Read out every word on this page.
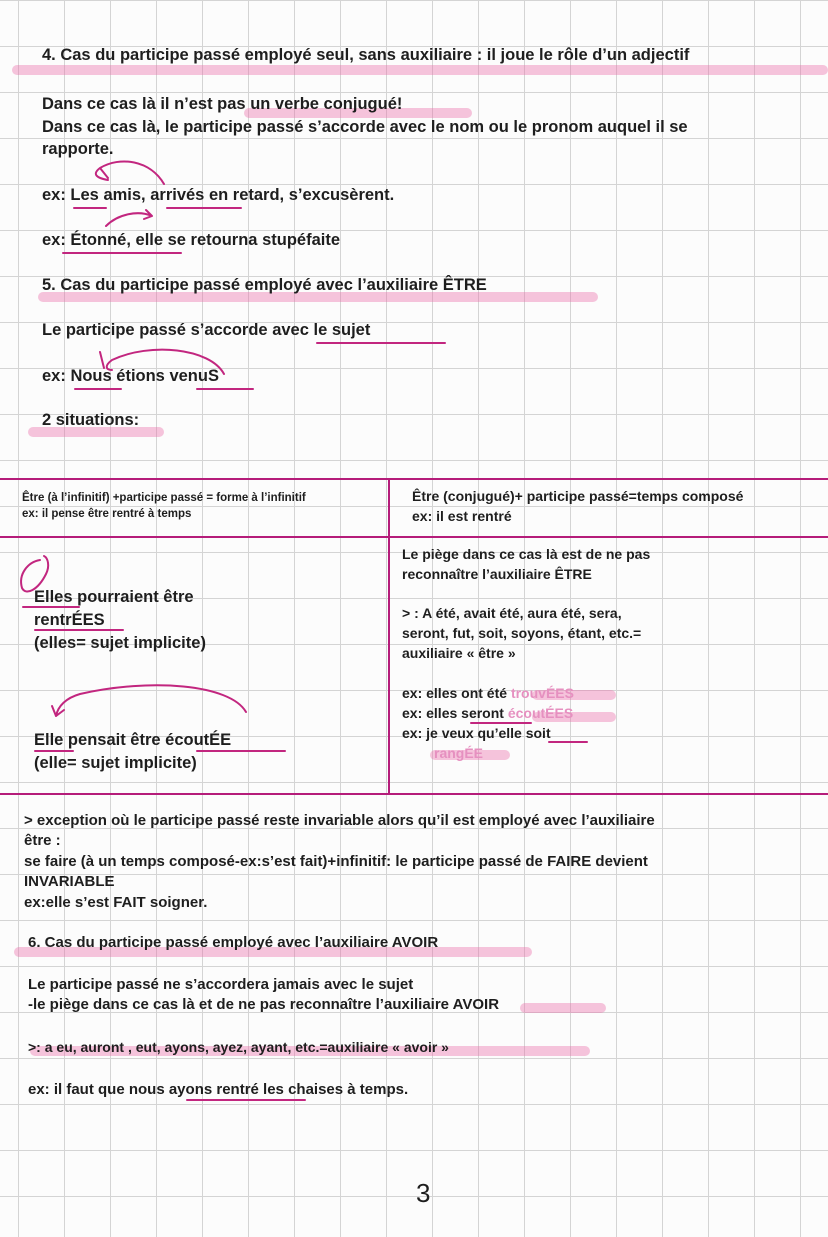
4. Cas du participe passé employé seul, sans auxiliaire : il joue le rôle d’un adjectif
Dans ce cas là il n’est pas un verbe conjugué!
Dans ce cas là, le participe passé s’accorde avec le nom ou le pronom auquel il se
rapporte.
ex: Les amis, arrivés en retard, s’excusèrent.
ex: Étonné, elle se retourna stupéfaite
5. Cas du participe passé employé avec l’auxiliaire ÊTRE
Le participe passé s’accorde avec le sujet
ex: Nous étions venuS
2 situations:
Être (à l’infinitif) +participe passé = forme à l’infinitif
ex: il pense être rentré à temps
Être (conjugué)+ participe passé=temps composé
ex: il est rentré
Elles pourraient être
rentrÉES
(elles= sujet implicite)
Elle pensait être écoutÉE
(elle= sujet implicite)
Le piège dans ce cas là est de ne pas
reconnaître l’auxiliaire ÊTRE
> : A été, avait été, aura été, sera,
seront, fut, soit, soyons, étant, etc.=
auxiliaire « être »
ex: elles ont été trouvÉES
ex: elles seront écoutÉES
ex: je veux qu’elle soit
rangÉE
> exception où le participe passé reste invariable alors qu’il est employé avec l’auxiliaire
être :
se faire (à un temps composé-ex:s’est fait)+infinitif: le participe passé de FAIRE devient
INVARIABLE
ex:elle s’est FAIT soigner.
6. Cas du participe passé employé avec l’auxiliaire AVOIR
Le participe passé ne s’accordera jamais avec le sujet
-le piège dans ce cas là et de ne pas reconnaître l’auxiliaire AVOIR
>: a eu, auront , eut, ayons, ayez, ayant, etc.=auxiliaire « avoir »
ex: il faut que nous ayons rentré les chaises à temps.
3
